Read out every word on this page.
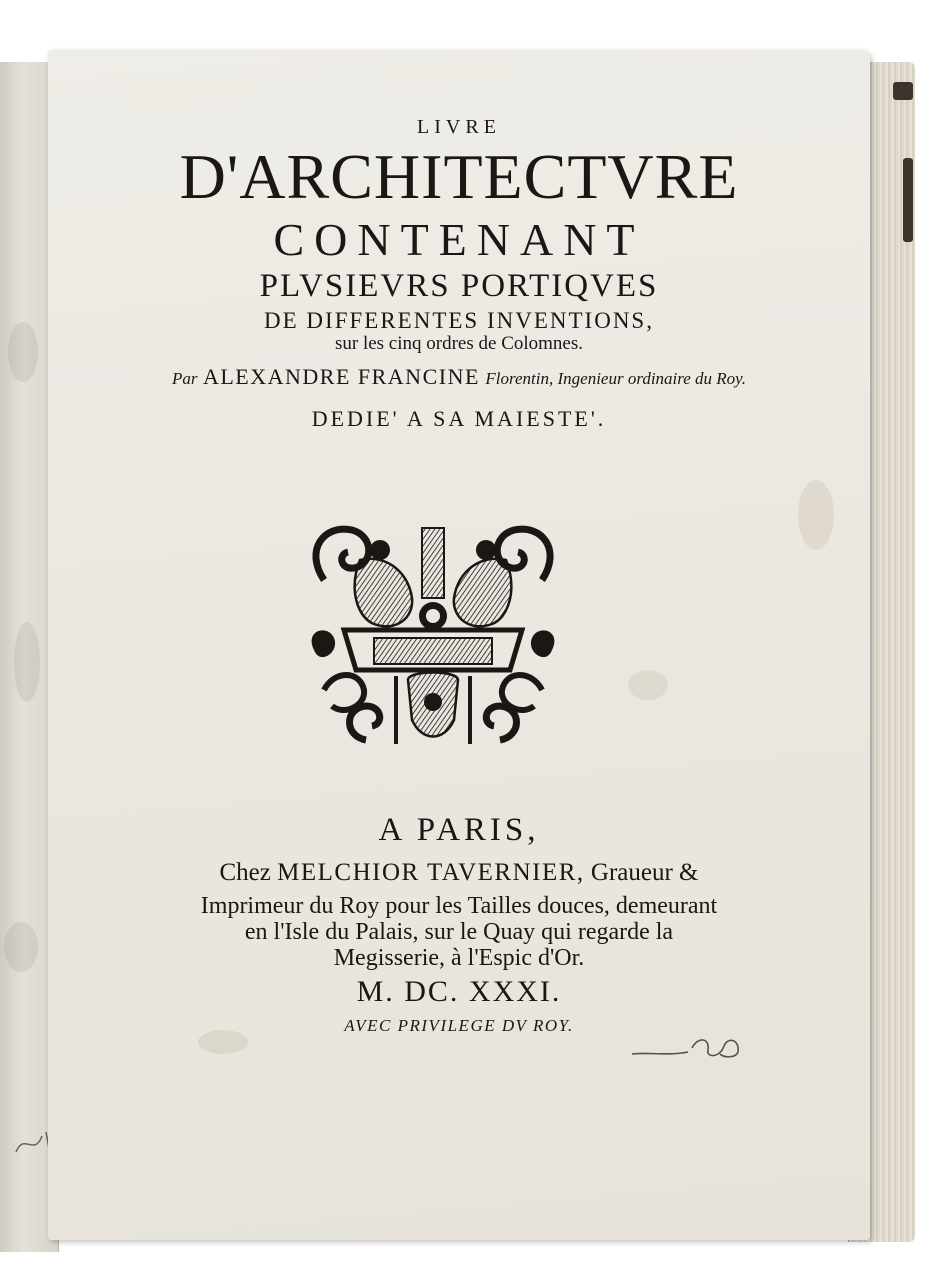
LIVRE
D'ARCHITECTVRE
CONTENANT
PLVSIEVRS PORTIQVES
DE DIFFERENTES INVENTIONS,
sur les cinq ordres de Colomnes.
Par ALEXANDRE FRANCINE Florentin, Ingenieur ordinaire du Roy.
DEDIE' A SA MAIESTE'.
A PARIS,
Chez MELCHIOR TAVERNIER, Graueur &
Imprimeur du Roy pour les Tailles douces, demeurant
en l'Isle du Palais, sur le Quay qui regarde la
Megisserie, à l'Espic d'Or.
M. DC. XXXI.
AVEC PRIVILEGE DV ROY.
